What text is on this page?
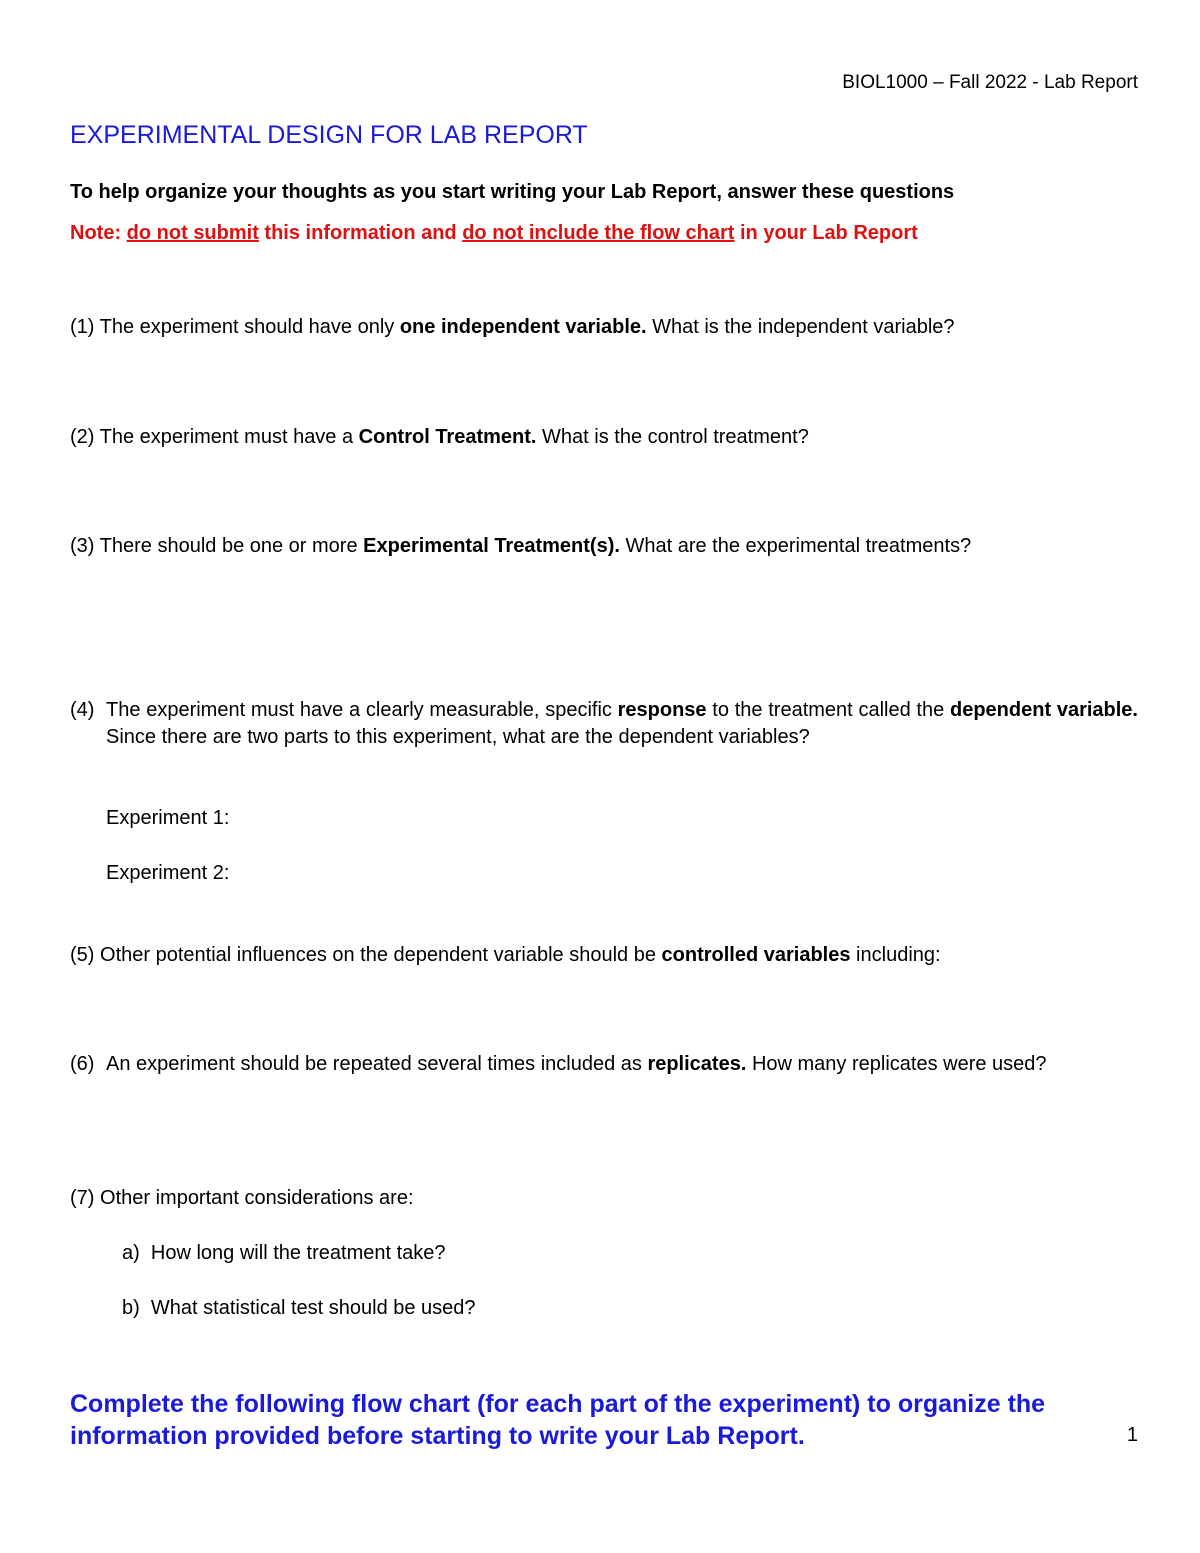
BIOL1000 – Fall 2022 - Lab Report
EXPERIMENTAL DESIGN FOR LAB REPORT
To help organize your thoughts as you start writing your Lab Report, answer these questions
Note: do not submit this information and do not include the flow chart in your Lab Report
(1) The experiment should have only one independent variable. What is the independent variable?
(2) The experiment must have a Control Treatment. What is the control treatment?
(3) There should be one or more Experimental Treatment(s). What are the experimental treatments?
(4) The experiment must have a clearly measurable, specific response to the treatment called the dependent variable. Since there are two parts to this experiment, what are the dependent variables?
Experiment 1:
Experiment 2:
(5) Other potential influences on the dependent variable should be controlled variables including:
(6) An experiment should be repeated several times included as replicates. How many replicates were used?
(7) Other important considerations are:
a) How long will the treatment take?
b) What statistical test should be used?
Complete the following flow chart (for each part of the experiment) to organize the information provided before starting to write your Lab Report.	1
